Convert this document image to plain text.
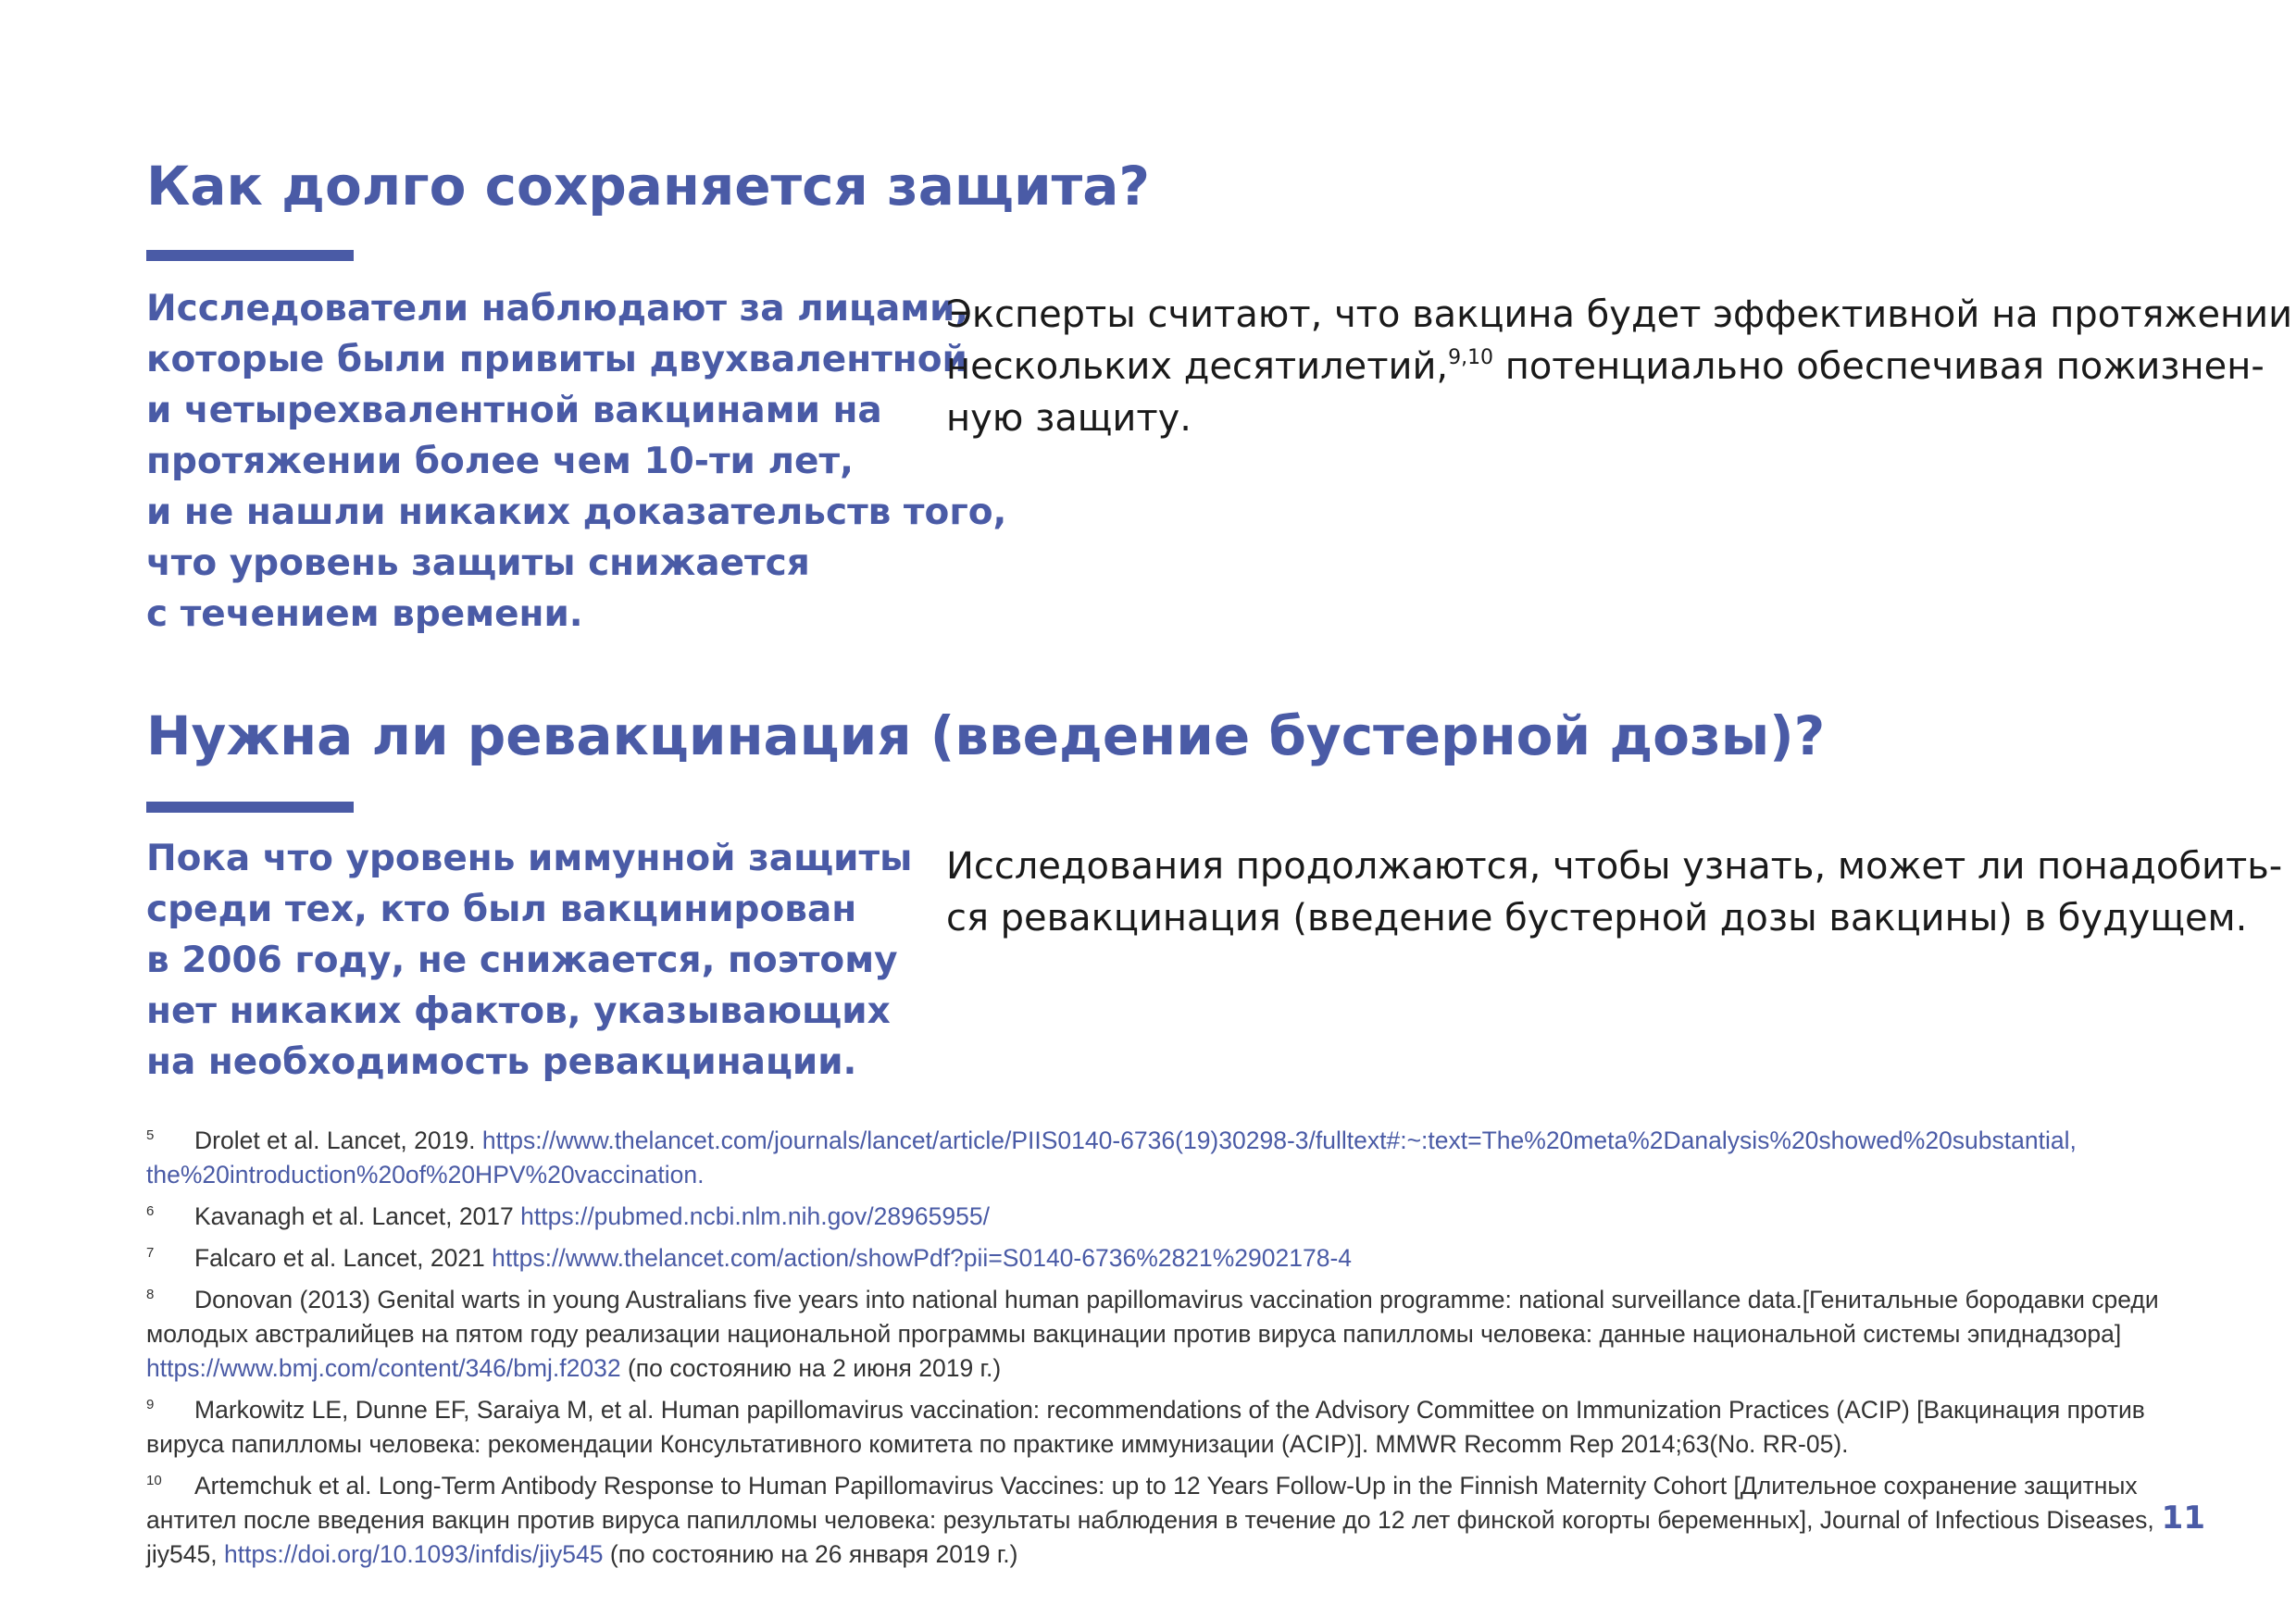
Как долго сохраняется защита?
Исследователи наблюдают за лицами,
которые были привиты двухвалентной
и четырехвалентной вакцинами на
протяжении более чем 10-ти лет,
и не нашли никаких доказательств того,
что уровень защиты снижается
с течением времени.
Эксперты считают, что вакцина будет эффективной на протяжении
нескольких десятилетий,$^{9,10}$ потенциально обеспечивая пожизнен-
ную защиту.
Нужна ли ревакцинация (введение бустерной дозы)?
Пока что уровень иммунной защиты
среди тех, кто был вакцинирован
в 2006 году, не снижается, поэтому
нет никаких фактов, указывающих
на необходимость ревакцинации.
Исследования продолжаются, чтобы узнать, может ли понадобить-
ся ревакцинация (введение бустерной дозы вакцины) в будущем.
5 Drolet et al. Lancet, 2019. https://www.thelancet.com/journals/lancet/article/PIIS0140-6736(19)30298-3/fulltext#:~:text=The%20meta%2Danalysis%20showed%20substantial,
the%20introduction%20of%20HPV%20vaccination.
6 Kavanagh et al. Lancet, 2017 https://pubmed.ncbi.nlm.nih.gov/28965955/
7 Falcaro et al. Lancet, 2021 https://www.thelancet.com/action/showPdf?pii=S0140-6736%2821%2902178-4
8 Donovan (2013) Genital warts in young Australians five years into national human papillomavirus vaccination programme: national surveillance data.[Генитальные бородавки среди
молодых австралийцев на пятом году реализации национальной программы вакцинации против вируса папилломы человека: данные национальной системы эпиднадзора]
https://www.bmj.com/content/346/bmj.f2032 (по состоянию на 2 июня 2019 г.)
9 Markowitz LE, Dunne EF, Saraiya M, et al. Human papillomavirus vaccination: recommendations of the Advisory Committee on Immunization Practices (ACIP) [Вакцинация против
вируса папилломы человека: рекомендации Консультативного комитета по практике иммунизации (ACIP)]. MMWR Recomm Rep 2014;63(No. RR-05).
10 Artemchuk et al. Long-Term Antibody Response to Human Papillomavirus Vaccines: up to 12 Years Follow-Up in the Finnish Maternity Cohort [Длительное сохранение защитных
антител после введения вакцин против вируса папилломы человека: результаты наблюдения в течение до 12 лет финской когорты беременных], Journal of Infectious Diseases,
jiy545, https://doi.org/10.1093/infdis/jiy545 (по состоянию на 26 января 2019 г.)
11
